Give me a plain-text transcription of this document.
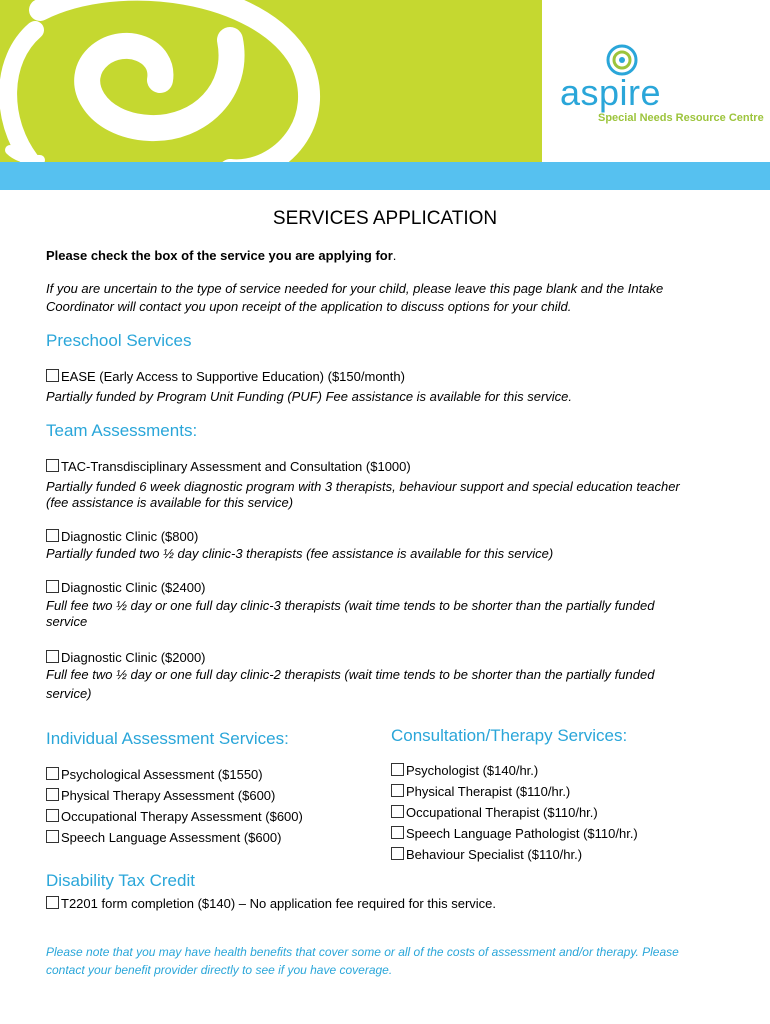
aspire
Special Needs Resource Centre
SERVICES APPLICATION
Please check the box of the service you are applying for.
If you are uncertain to the type of service needed for your child, please leave this page blank and the Intake
Coordinator will contact you upon receipt of the application to discuss options for your child.
Preschool Services
EASE (Early Access to Supportive Education) ($150/month)
Partially funded by Program Unit Funding (PUF) Fee assistance is available for this service.
Team Assessments:
TAC-Transdisciplinary Assessment and Consultation ($1000)
Partially funded 6 week diagnostic program with 3 therapists, behaviour support and special education teacher
(fee assistance is available for this service)
Diagnostic Clinic ($800)
Partially funded two ½ day clinic-3 therapists (fee assistance is available for this service)
Diagnostic Clinic ($2400)
Full fee two ½ day or one full day clinic-3 therapists (wait time tends to be shorter than the partially funded
service
Diagnostic Clinic ($2000)
Full fee two ½ day or one full day clinic-2 therapists (wait time tends to be shorter than the partially funded
service)
Individual Assessment Services:
Psychological Assessment ($1550)
Physical Therapy Assessment ($600)
Occupational Therapy Assessment ($600)
Speech Language Assessment ($600)
Consultation/Therapy Services:
Psychologist ($140/hr.)
Physical Therapist ($110/hr.)
Occupational Therapist ($110/hr.)
Speech Language Pathologist ($110/hr.)
Behaviour Specialist ($110/hr.)
Disability Tax Credit
T2201 form completion ($140) – No application fee required for this service.
Please note that you may have health benefits that cover some or all of the costs of assessment and/or therapy. Please
contact your benefit provider directly to see if you have coverage.
